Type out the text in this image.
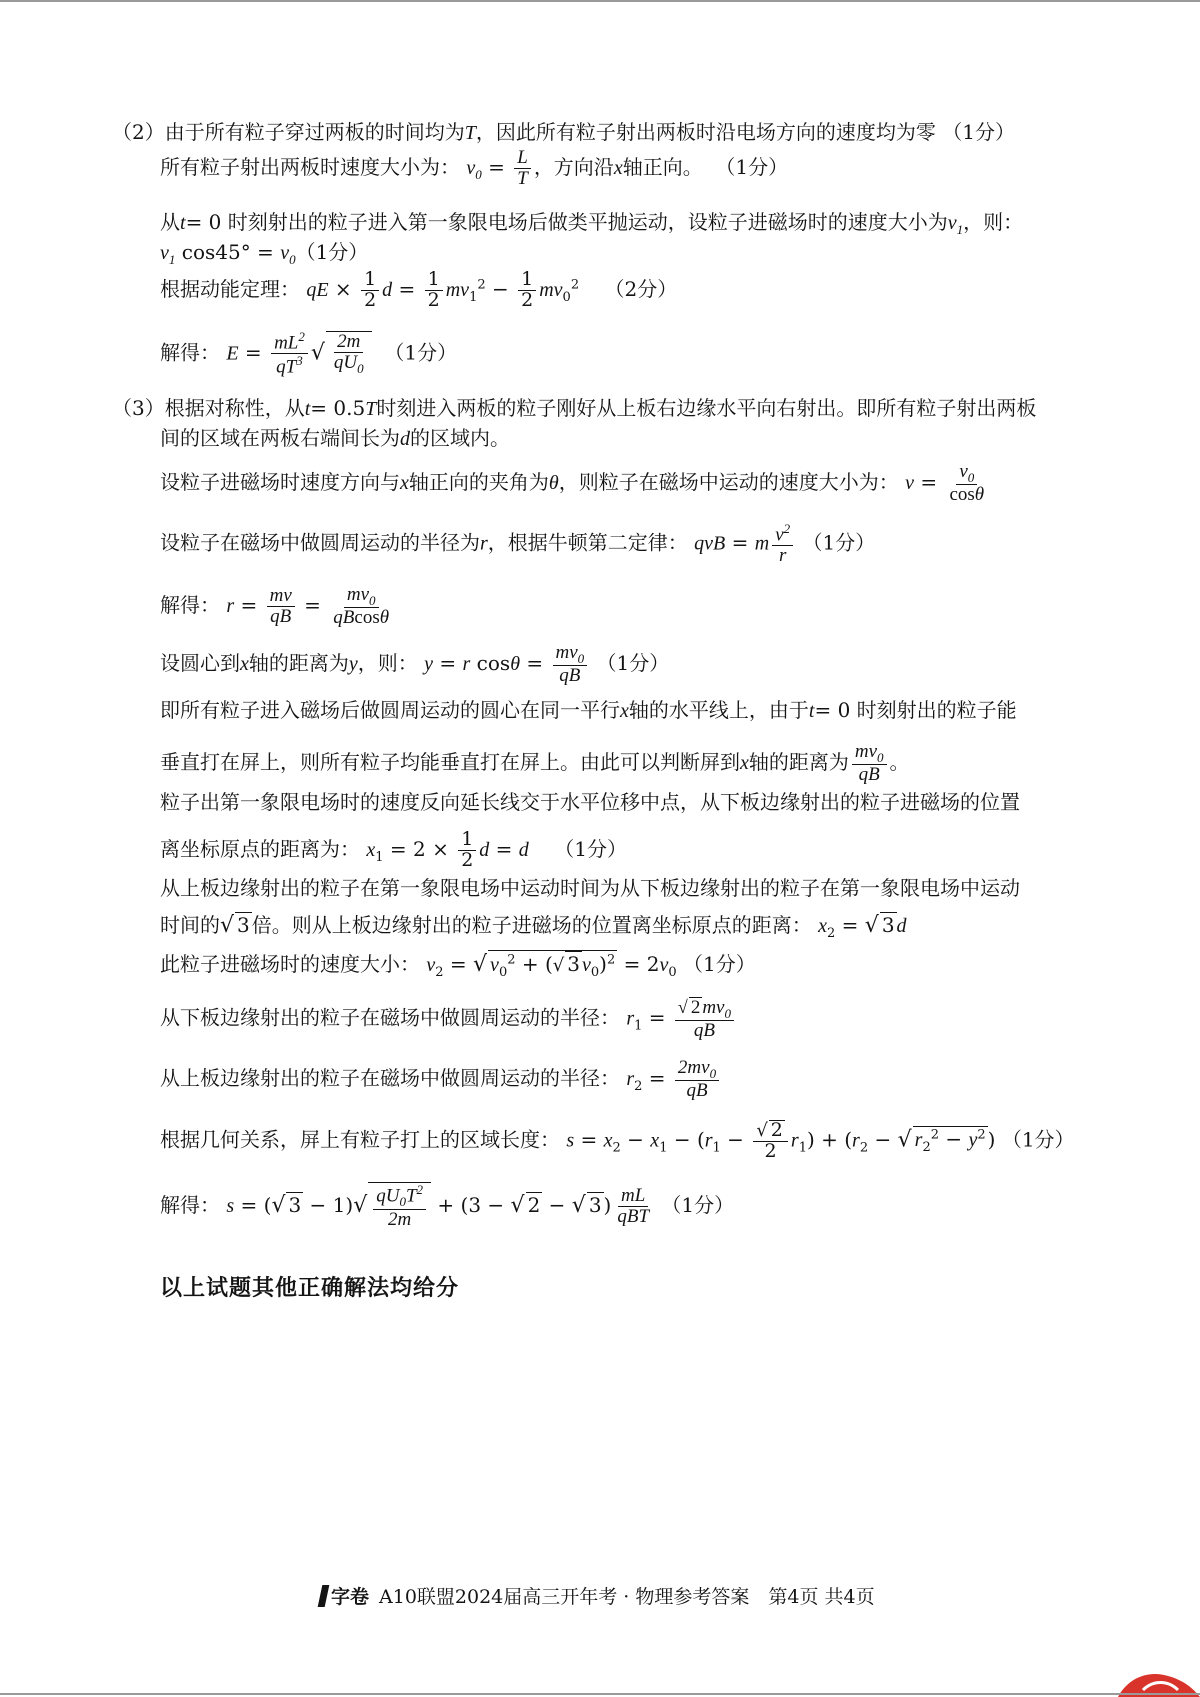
（2）由于所有粒子穿过两板的时间均为T，因此所有粒子射出两板时沿电场方向的速度均为零 （1分）
所有粒子射出两板时速度大小为： $v_0 = \frac{L}{T}$ ，方向沿x轴正向。 （1分）
从t= 0 时刻射出的粒子进入第一象限电场后做类平抛运动，设粒子进磁场时的速度大小为$v_1$，则：
$v_1$ $\cos 45^\circ = v_0(1$分）
根据动能定理： qE × $\frac{1}{2}$ $d = \frac{1}{2} mv_1^2 - \frac{1}{2} mv_0^2$ （2分）
解得： $E = \frac{mL^2}{qT^3}$ √ $\frac{2m}{qU_0} (1$分）
（3）根据对称性，从t= 0.5T时刻进入两板的粒子刚好从上板右边缘水平向右射出。即所有粒子射出两板
间的区域在两板右端间长为d的区域内。
设粒子进磁场时速度方向与x轴正向的夹角为θ，则粒子在磁场中运动的速度大小为： $v = \frac{v_0}{\cos\theta}$
设粒子在磁场中做圆周运动的半径为r，根据牛顿第二定律： qvB = m $\frac{v^2}{r} (1$分）
解得： $r = \frac{mv}{qB} = \frac{mv_0}{qBcos\theta}$
设圆心到x轴的距离为y，则： y = r $\cos\theta = \frac{mv_0}{qB} (1$分）
即所有粒子进入磁场后做圆周运动的圆心在同一平行x轴的水平线上，由于t= 0 时刻射出的粒子能
垂直打在屏上，则所有粒子均能垂直打在屏上。由此可以判断屏到x轴的距离为 $\frac{mv_0}{qB}$ 。
粒子出第一象限电场时的速度反向延长线交于水平位移中点，从下板边缘射出的粒子进磁场的位置
离坐标原点的距离为： $x_1 = 2 \times \frac{1}{2}$ d = d （1分）
从上板边缘射出的粒子在第一象限电场中运动时间为从下板边缘射出的粒子在第一象限电场中运动
时间的√ 3 倍。则从上板边缘射出的粒子进磁场的位置离坐标原点的距离： $x_2$ = √ 3 d
此粒子进磁场时的速度大小： $v_2$ = √ $v_0^2$ + (√ 3 $v_0)^2 = 2v_0$ （1分）
从下板边缘射出的粒子在磁场中做圆周运动的半径： $r_1 = \frac{√ 2 mv_0}{qB}$
从上板边缘射出的粒子在磁场中做圆周运动的半径： $r_2 = \frac{2mv_0}{qB}$
根据几何关系，屏上有粒子打上的区域长度： $s = x_2 - x_1 - (r_1 - \frac{√ 2}{2} r_1) + (r_2$ − √ $r_2^2 - y^2$ ) （1分）
解得： s = (√ $3 - 1)√ \frac{qU_0T^2}{2m} + (3$ − √ 2 − √ 3 ) $\frac{mL}{\text{qBT}} (1$分）
以上试题其他正确解法均给分
字卷 A10联盟2024届高三开年考 · 物理参考答案　第4页 共4页
